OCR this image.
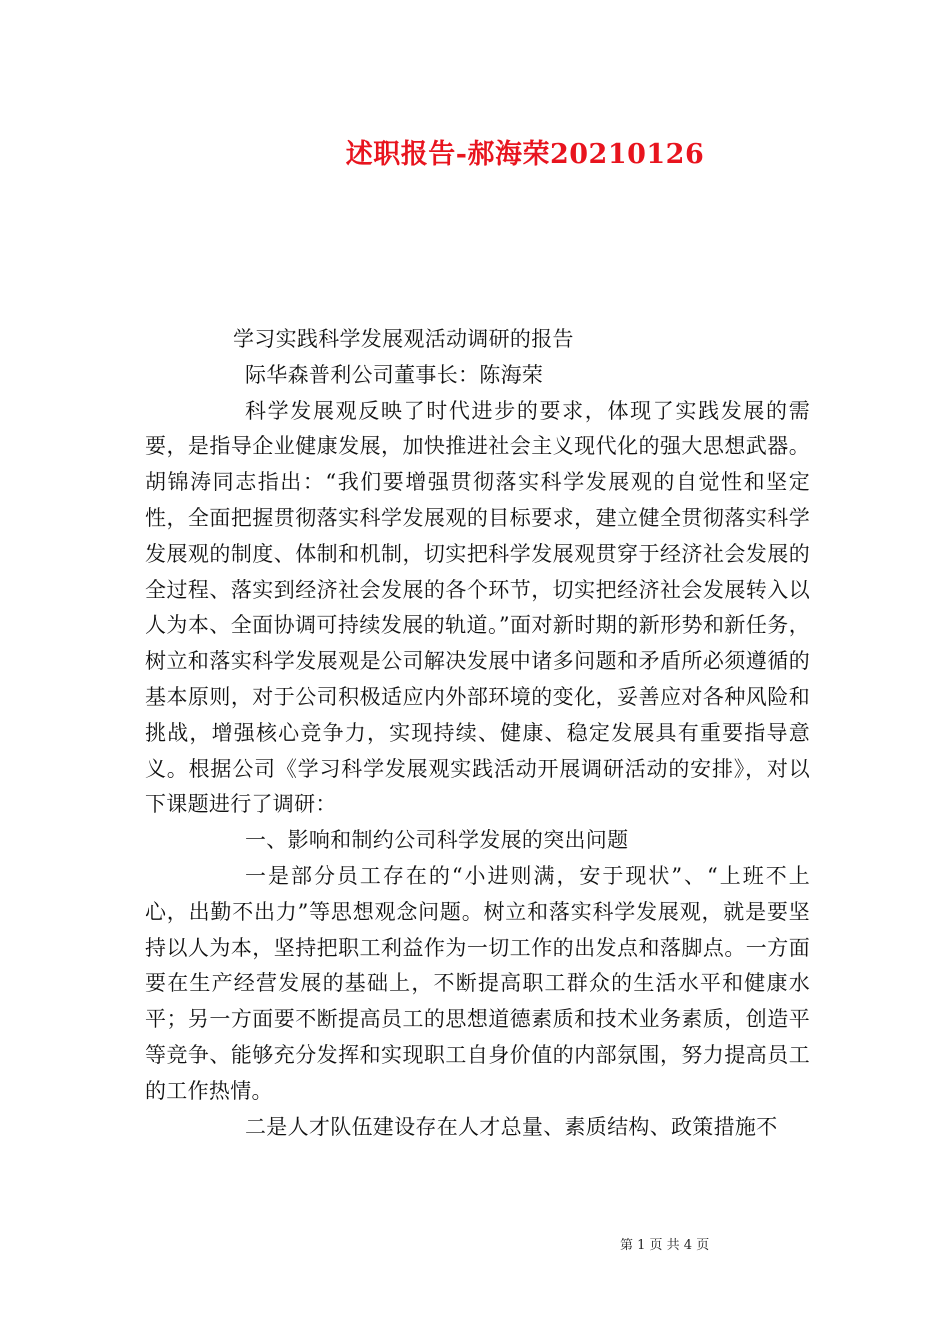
述职报告-郝海荣20210126

学习实践科学发展观活动调研的报告

际华森普利公司董事长：陈海荣

科学发展观反映了时代进步的要求，体现了实践发展的需要，是指导企业健康发展，加快推进社会主义现代化的强大思想武器。胡锦涛同志指出：“我们要增强贯彻落实科学发展观的自觉性和坚定性，全面把握贯彻落实科学发展观的目标要求，建立健全贯彻落实科学发展观的制度、体制和机制，切实把科学发展观贯穿于经济社会发展的全过程、落实到经济社会发展的各个环节，切实把经济社会发展转入以人为本、全面协调可持续发展的轨道。”面对新时期的新形势和新任务，树立和落实科学发展观是公司解决发展中诸多问题和矛盾所必须遵循的基本原则，对于公司积极适应内外部环境的变化，妥善应对各种风险和挑战，增强核心竞争力，实现持续、健康、稳定发展具有重要指导意义。根据公司《学习科学发展观实践活动开展调研活动的安排》，对以下课题进行了调研：

一、影响和制约公司科学发展的突出问题

一是部分员工存在的“小进则满，安于现状”、“上班不上心，出勤不出力”等思想观念问题。树立和落实科学发展观，就是要坚持以人为本，坚持把职工利益作为一切工作的出发点和落脚点。一方面要在生产经营发展的基础上，不断提高职工群众的生活水平和健康水平；另一方面要不断提高员工的思想道德素质和技术业务素质，创造平等竞争、能够充分发挥和实现职工自身价值的内部氛围，努力提高员工的工作热情。

二是人才队伍建设存在人才总量、素质结构、政策措施不

第 1 页 共 4 页
